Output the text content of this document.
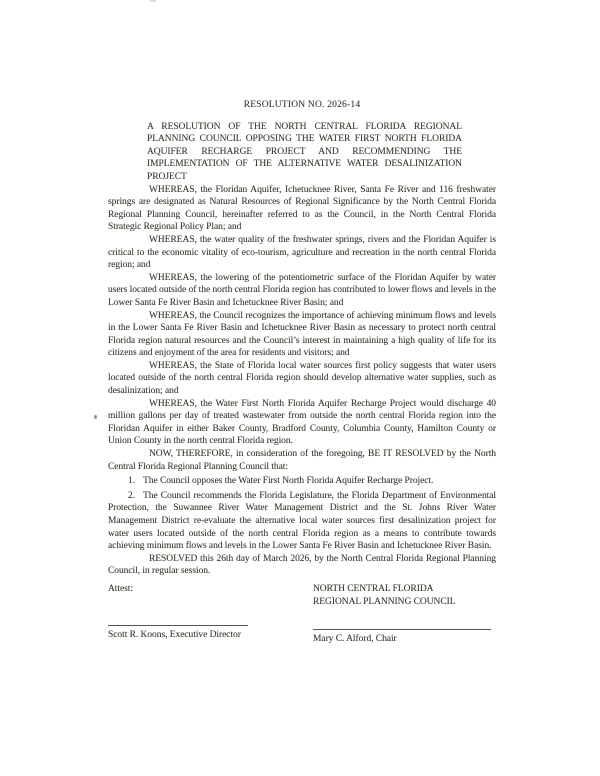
RESOLUTION NO. 2026-14

A RESOLUTION OF THE NORTH CENTRAL FLORIDA REGIONAL PLANNING COUNCIL OPPOSING THE WATER FIRST NORTH FLORIDA AQUIFER RECHARGE PROJECT AND RECOMMENDING THE IMPLEMENTATION OF THE ALTERNATIVE WATER DESALINIZATION PROJECT

WHEREAS, the Floridan Aquifer, Ichetucknee River, Santa Fe River and 116 freshwater springs are designated as Natural Resources of Regional Significance by the North Central Florida Regional Planning Council, hereinafter referred to as the Council, in the North Central Florida Strategic Regional Policy Plan; and

WHEREAS, the water quality of the freshwater springs, rivers and the Floridan Aquifer is critical to the economic vitality of eco-tourism, agriculture and recreation in the north central Florida region; and

WHEREAS, the lowering of the potentiometric surface of the Floridan Aquifer by water users located outside of the north central Florida region has contributed to lower flows and levels in the Lower Santa Fe River Basin and Ichetucknee River Basin; and

WHEREAS, the Council recognizes the importance of achieving minimum flows and levels in the Lower Santa Fe River Basin and Ichetucknee River Basin as necessary to protect north central Florida region natural resources and the Council’s interest in maintaining a high quality of life for its citizens and enjoyment of the area for residents and visitors; and

WHEREAS, the State of Florida local water sources first policy suggests that water users located outside of the north central Florida region should develop alternative water supplies, such as desalinization; and

WHEREAS, the Water First North Florida Aquifer Recharge Project would discharge 40 million gallons per day of treated wastewater from outside the north central Florida region into the Floridan Aquifer in either Baker County, Bradford County, Columbia County, Hamilton County or Union County in the north central Florida region.

NOW, THEREFORE, in consideration of the foregoing, BE IT RESOLVED by the North Central Florida Regional Planning Council that:

1. The Council opposes the Water First North Florida Aquifer Recharge Project.

2. The Council recommends the Florida Legislature, the Florida Department of Environmental Protection, the Suwannee River Water Management District and the St. Johns River Water Management District re-evaluate the alternative local water sources first desalinization project for water users located outside of the north central Florida region as a means to contribute towards achieving minimum flows and levels in the Lower Santa Fe River Basin and Ichetucknee River Basin.

RESOLVED this 26th day of March 2026, by the North Central Florida Regional Planning Council, in regular session.

Attest:	NORTH CENTRAL FLORIDA
REGIONAL PLANNING COUNCIL
Scott R. Koons, Executive Director	Mary C. Alford, Chair
